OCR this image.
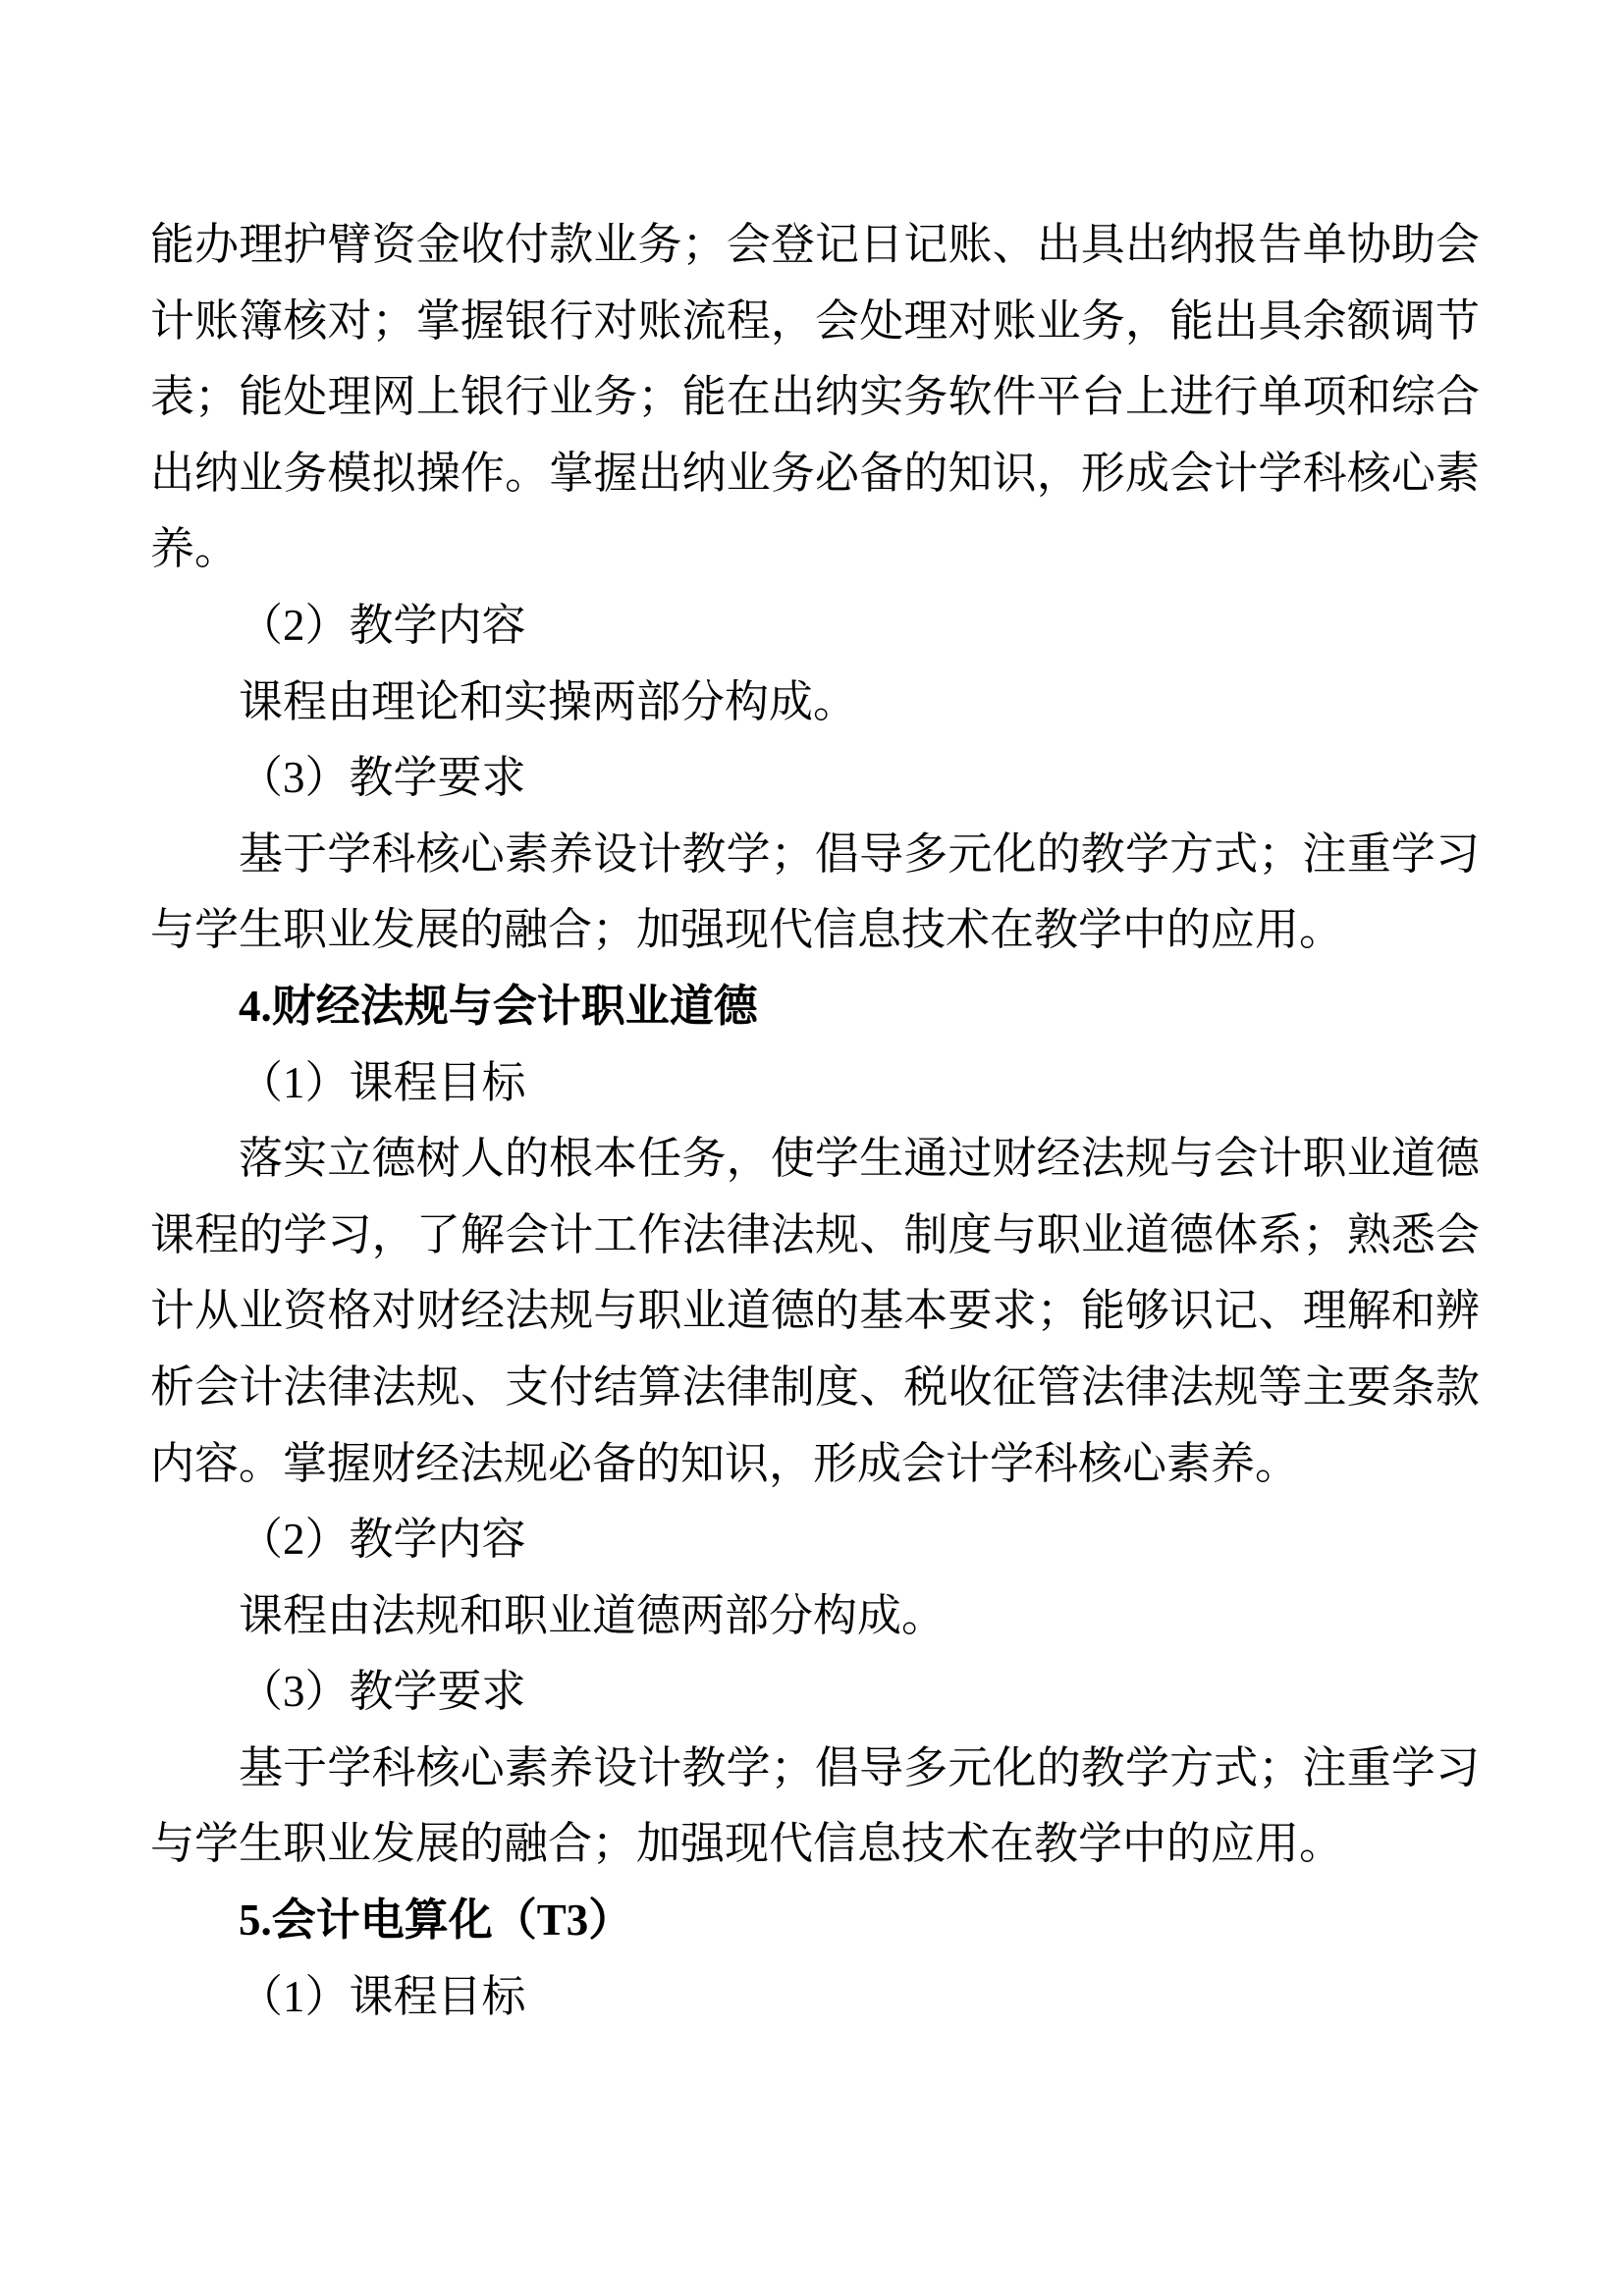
能办理护臂资金收付款业务；会登记日记账、出具出纳报告单协助会
计账簿核对；掌握银行对账流程，会处理对账业务，能出具余额调节
表；能处理网上银行业务；能在出纳实务软件平台上进行单项和综合
出纳业务模拟操作。掌握出纳业务必备的知识，形成会计学科核心素
养。
（2）教学内容
课程由理论和实操两部分构成。
（3）教学要求
基于学科核心素养设计教学；倡导多元化的教学方式；注重学习
与学生职业发展的融合；加强现代信息技术在教学中的应用。
4.财经法规与会计职业道德
（1）课程目标
落实立德树人的根本任务，使学生通过财经法规与会计职业道德
课程的学习，了解会计工作法律法规、制度与职业道德体系；熟悉会
计从业资格对财经法规与职业道德的基本要求；能够识记、理解和辨
析会计法律法规、支付结算法律制度、税收征管法律法规等主要条款
内容。掌握财经法规必备的知识，形成会计学科核心素养。
（2）教学内容
课程由法规和职业道德两部分构成。
（3）教学要求
基于学科核心素养设计教学；倡导多元化的教学方式；注重学习
与学生职业发展的融合；加强现代信息技术在教学中的应用。
5.会计电算化（T3）
（1）课程目标
